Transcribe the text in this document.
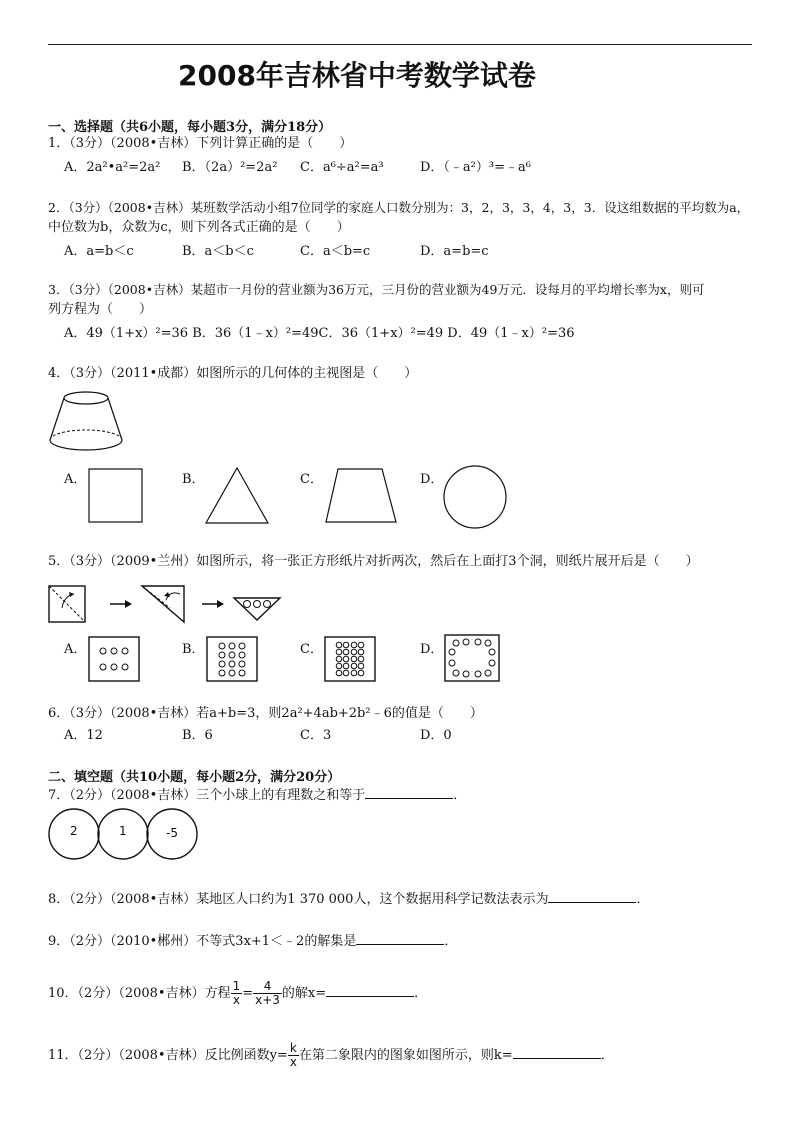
2008年吉林省中考数学试卷
一、选择题（共6小题，每小题3分，满分18分）
1．（3分）（2008•吉林）下列计算正确的是（　　）
A．2a²•a²=2a² B．（2a）²=2a² C．a⁶÷a²=a³	D．（﹣a²）³=﹣a⁶
2．（3分）（2008•吉林）某班数学活动小组7位同学的家庭人口数分别为：3，2，3，3，4，3，3．设这组数据的平均数为a，
中位数为b，众数为c，则下列各式正确的是（　　）
A．a=b＜c	B．a＜b＜c	C．a＜b=c	D．a=b=c
3．（3分）（2008•吉林）某超市一月份的营业额为36万元，三月份的营业额为49万元．设每月的平均增长率为x，则可
列方程为（　　）
A．49（1+x）²=36 B．36（1﹣x）²=49C．36（1+x）²=49 D．49（1﹣x）²=36
4．（3分）（2011•成都）如图所示的几何体的主视图是（　　）
A．	B．	C．	D．
5．（3分）（2009•兰州）如图所示，将一张正方形纸片对折两次，然后在上面打3个洞，则纸片展开后是（　　）
A．	B．	C．	D．
6．（3分）（2008•吉林）若a+b=3，则2a²+4ab+2b²﹣6的值是（　　）
A．12	B．6	C．3	D．0
二、填空题（共10小题，每小题2分，满分20分）
7．（2分）（2008•吉林）三个小球上的有理数之和等于	．
2	1	-5
8．（2分）（2008•吉林）某地区人口约为1 370 000人，这个数据用科学记数法表示为	．
9．（2分）（2010•郴州）不等式3x+1＜﹣2的解集是	．
10．（2分）（2008•吉林）方程 $\frac{1}{x} = \frac{4}{x+3}$ 的解x=	．
11．（2分）（2008•吉林）反比例函数$y= \frac{k}{x}$ 在第二象限内的图象如图所示，则k=	．
